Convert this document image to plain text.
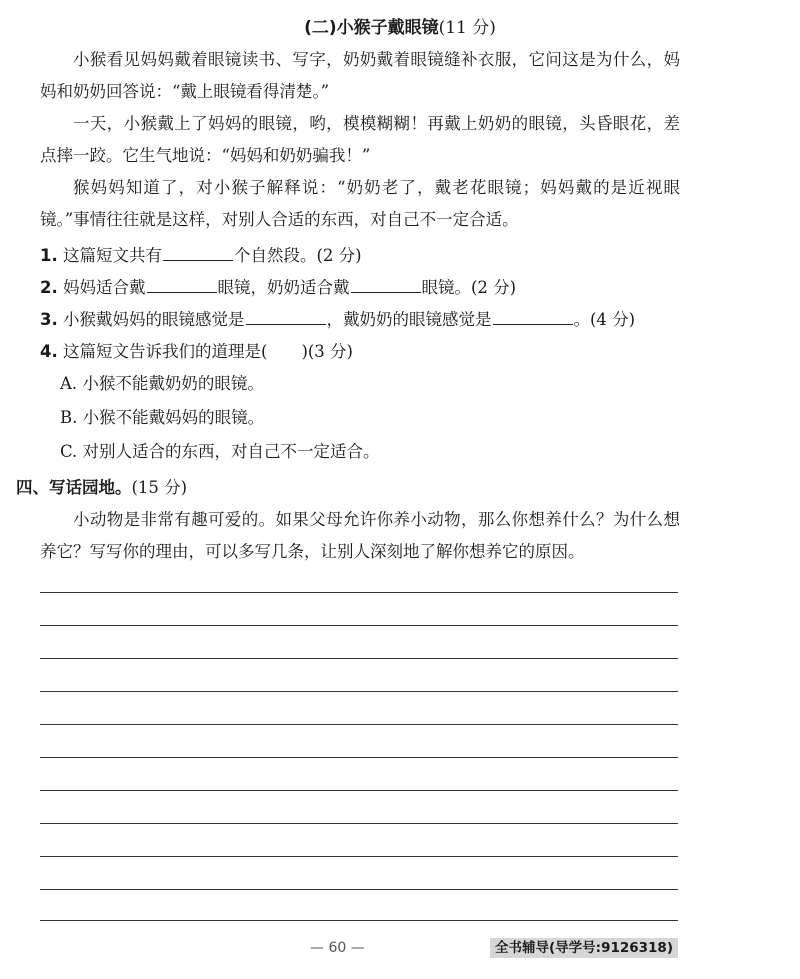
(二)小猴子戴眼镜(11 分)
小猴看见妈妈戴着眼镜读书、写字，奶奶戴着眼镜缝补衣服，它问这是为什么，妈妈和奶奶回答说：“戴上眼镜看得清楚。”
一天，小猴戴上了妈妈的眼镜，哟，模模糊糊！再戴上奶奶的眼镜，头昏眼花，差点摔一跤。它生气地说：“妈妈和奶奶骗我！”
猴妈妈知道了，对小猴子解释说：“奶奶老了，戴老花眼镜；妈妈戴的是近视眼镜。”事情往往就是这样，对别人合适的东西，对自己不一定合适。
1. 这篇短文共有	个自然段。(2 分)
2. 妈妈适合戴	眼镜，奶奶适合戴	眼镜。(2 分)
3. 小猴戴妈妈的眼镜感觉是	，戴奶奶的眼镜感觉是	。(4 分)
4. 这篇短文告诉我们的道理是( )(3 分)
A. 小猴不能戴奶奶的眼镜。
B. 小猴不能戴妈妈的眼镜。
C. 对别人适合的东西，对自己不一定适合。
四、写话园地。(15 分)
小动物是非常有趣可爱的。如果父母允许你养小动物，那么你想养什么？为什么想养它？写写你的理由，可以多写几条，让别人深刻地了解你想养它的原因。
— 60 —	全书辅导(导学号:9126318)
